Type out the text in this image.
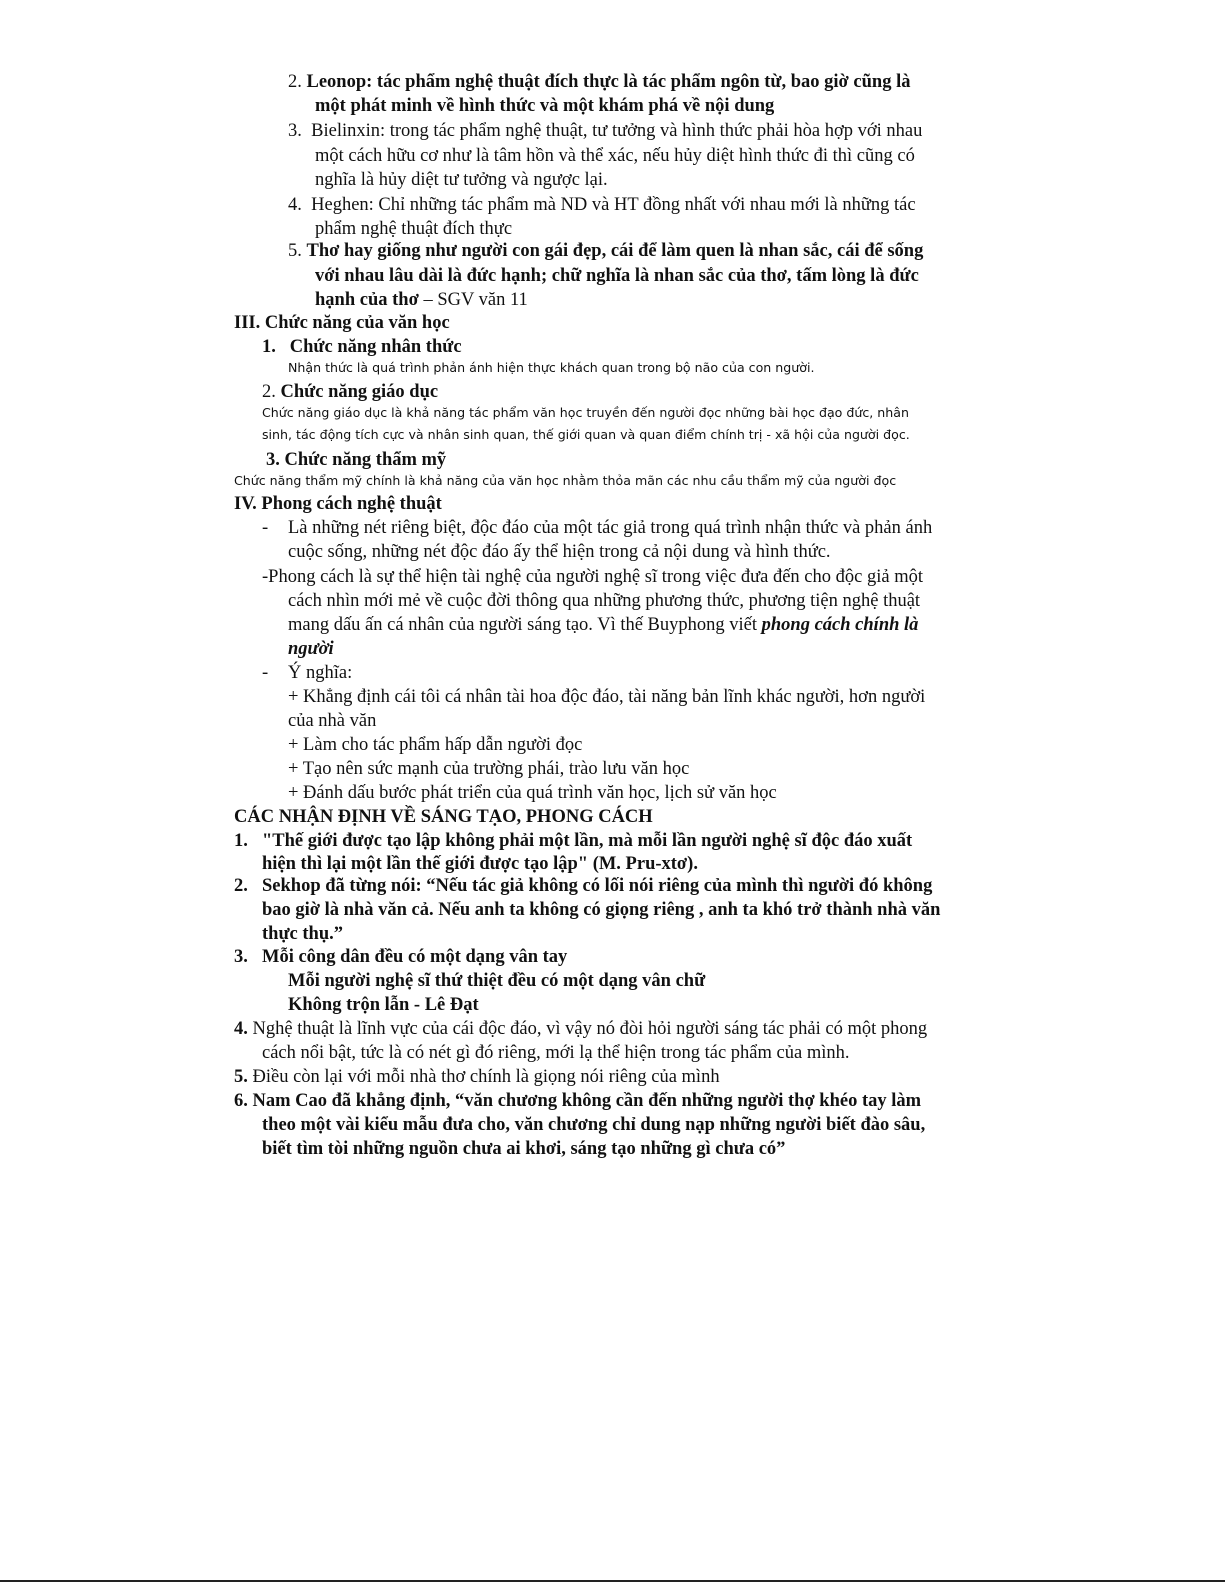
2. Leonop: tác phẩm nghệ thuật đích thực là tác phẩm ngôn từ, bao giờ cũng là
một phát minh về hình thức và một khám phá về nội dung
3. Bielinxin: trong tác phẩm nghệ thuật, tư tưởng và hình thức phải hòa hợp với nhau
một cách hữu cơ như là tâm hồn và thể xác, nếu hủy diệt hình thức đi thì cũng có
nghĩa là hủy diệt tư tưởng và ngược lại.
4. Heghen: Chỉ những tác phẩm mà ND và HT đồng nhất với nhau mới là những tác
phẩm nghệ thuật đích thực
5. Thơ hay giống như người con gái đẹp, cái để làm quen là nhan sắc, cái để sống
với nhau lâu dài là đức hạnh; chữ nghĩa là nhan sắc của thơ, tấm lòng là đức
hạnh của thơ – SGV văn 11
III. Chức năng của văn học
1. Chức năng nhân thức
Nhận thức là quá trình phản ánh hiện thực khách quan trong bộ não của con người.
2. Chức năng giáo dục
Chức năng giáo dục là khả năng tác phẩm văn học truyền đến người đọc những bài học đạo đức, nhân
sinh, tác động tích cực và nhân sinh quan, thế giới quan và quan điểm chính trị - xã hội của người đọc.
3. Chức năng thẩm mỹ
Chức năng thẩm mỹ chính là khả năng của văn học nhằm thỏa mãn các nhu cầu thẩm mỹ của người đọc
IV. Phong cách nghệ thuật
- Là những nét riêng biệt, độc đáo của một tác giả trong quá trình nhận thức và phản ánh
cuộc sống, những nét độc đáo ấy thể hiện trong cả nội dung và hình thức.
-Phong cách là sự thể hiện tài nghệ của người nghệ sĩ trong việc đưa đến cho độc giả một
cách nhìn mới mẻ về cuộc đời thông qua những phương thức, phương tiện nghệ thuật
mang dấu ấn cá nhân của người sáng tạo. Vì thế Buyphong viết phong cách chính là
người
- Ý nghĩa:
+ Khẳng định cái tôi cá nhân tài hoa độc đáo, tài năng bản lĩnh khác người, hơn người
của nhà văn
+ Làm cho tác phẩm hấp dẫn người đọc
+ Tạo nên sức mạnh của trường phái, trào lưu văn học
+ Đánh dấu bước phát triển của quá trình văn học, lịch sử văn học
CÁC NHẬN ĐỊNH VỀ SÁNG TẠO, PHONG CÁCH
1. "Thế giới được tạo lập không phải một lần, mà mỗi lần người nghệ sĩ độc đáo xuất
hiện thì lại một lần thế giới được tạo lập" (M. Pru-xtơ).
2. Sekhop đã từng nói: “Nếu tác giả không có lối nói riêng của mình thì người đó không
bao giờ là nhà văn cả. Nếu anh ta không có giọng riêng , anh ta khó trở thành nhà văn
thực thụ.”
3. Mỗi công dân đều có một dạng vân tay
Mỗi người nghệ sĩ thứ thiệt đều có một dạng vân chữ
Không trộn lẫn - Lê Đạt
4. Nghệ thuật là lĩnh vực của cái độc đáo, vì vậy nó đòi hỏi người sáng tác phải có một phong
cách nổi bật, tức là có nét gì đó riêng, mới lạ thể hiện trong tác phẩm của mình.
5. Điều còn lại với mỗi nhà thơ chính là giọng nói riêng của mình
6. Nam Cao đã khẳng định, “văn chương không cần đến những người thợ khéo tay làm
theo một vài kiểu mẫu đưa cho, văn chương chỉ dung nạp những người biết đào sâu,
biết tìm tòi những nguồn chưa ai khơi, sáng tạo những gì chưa có”
